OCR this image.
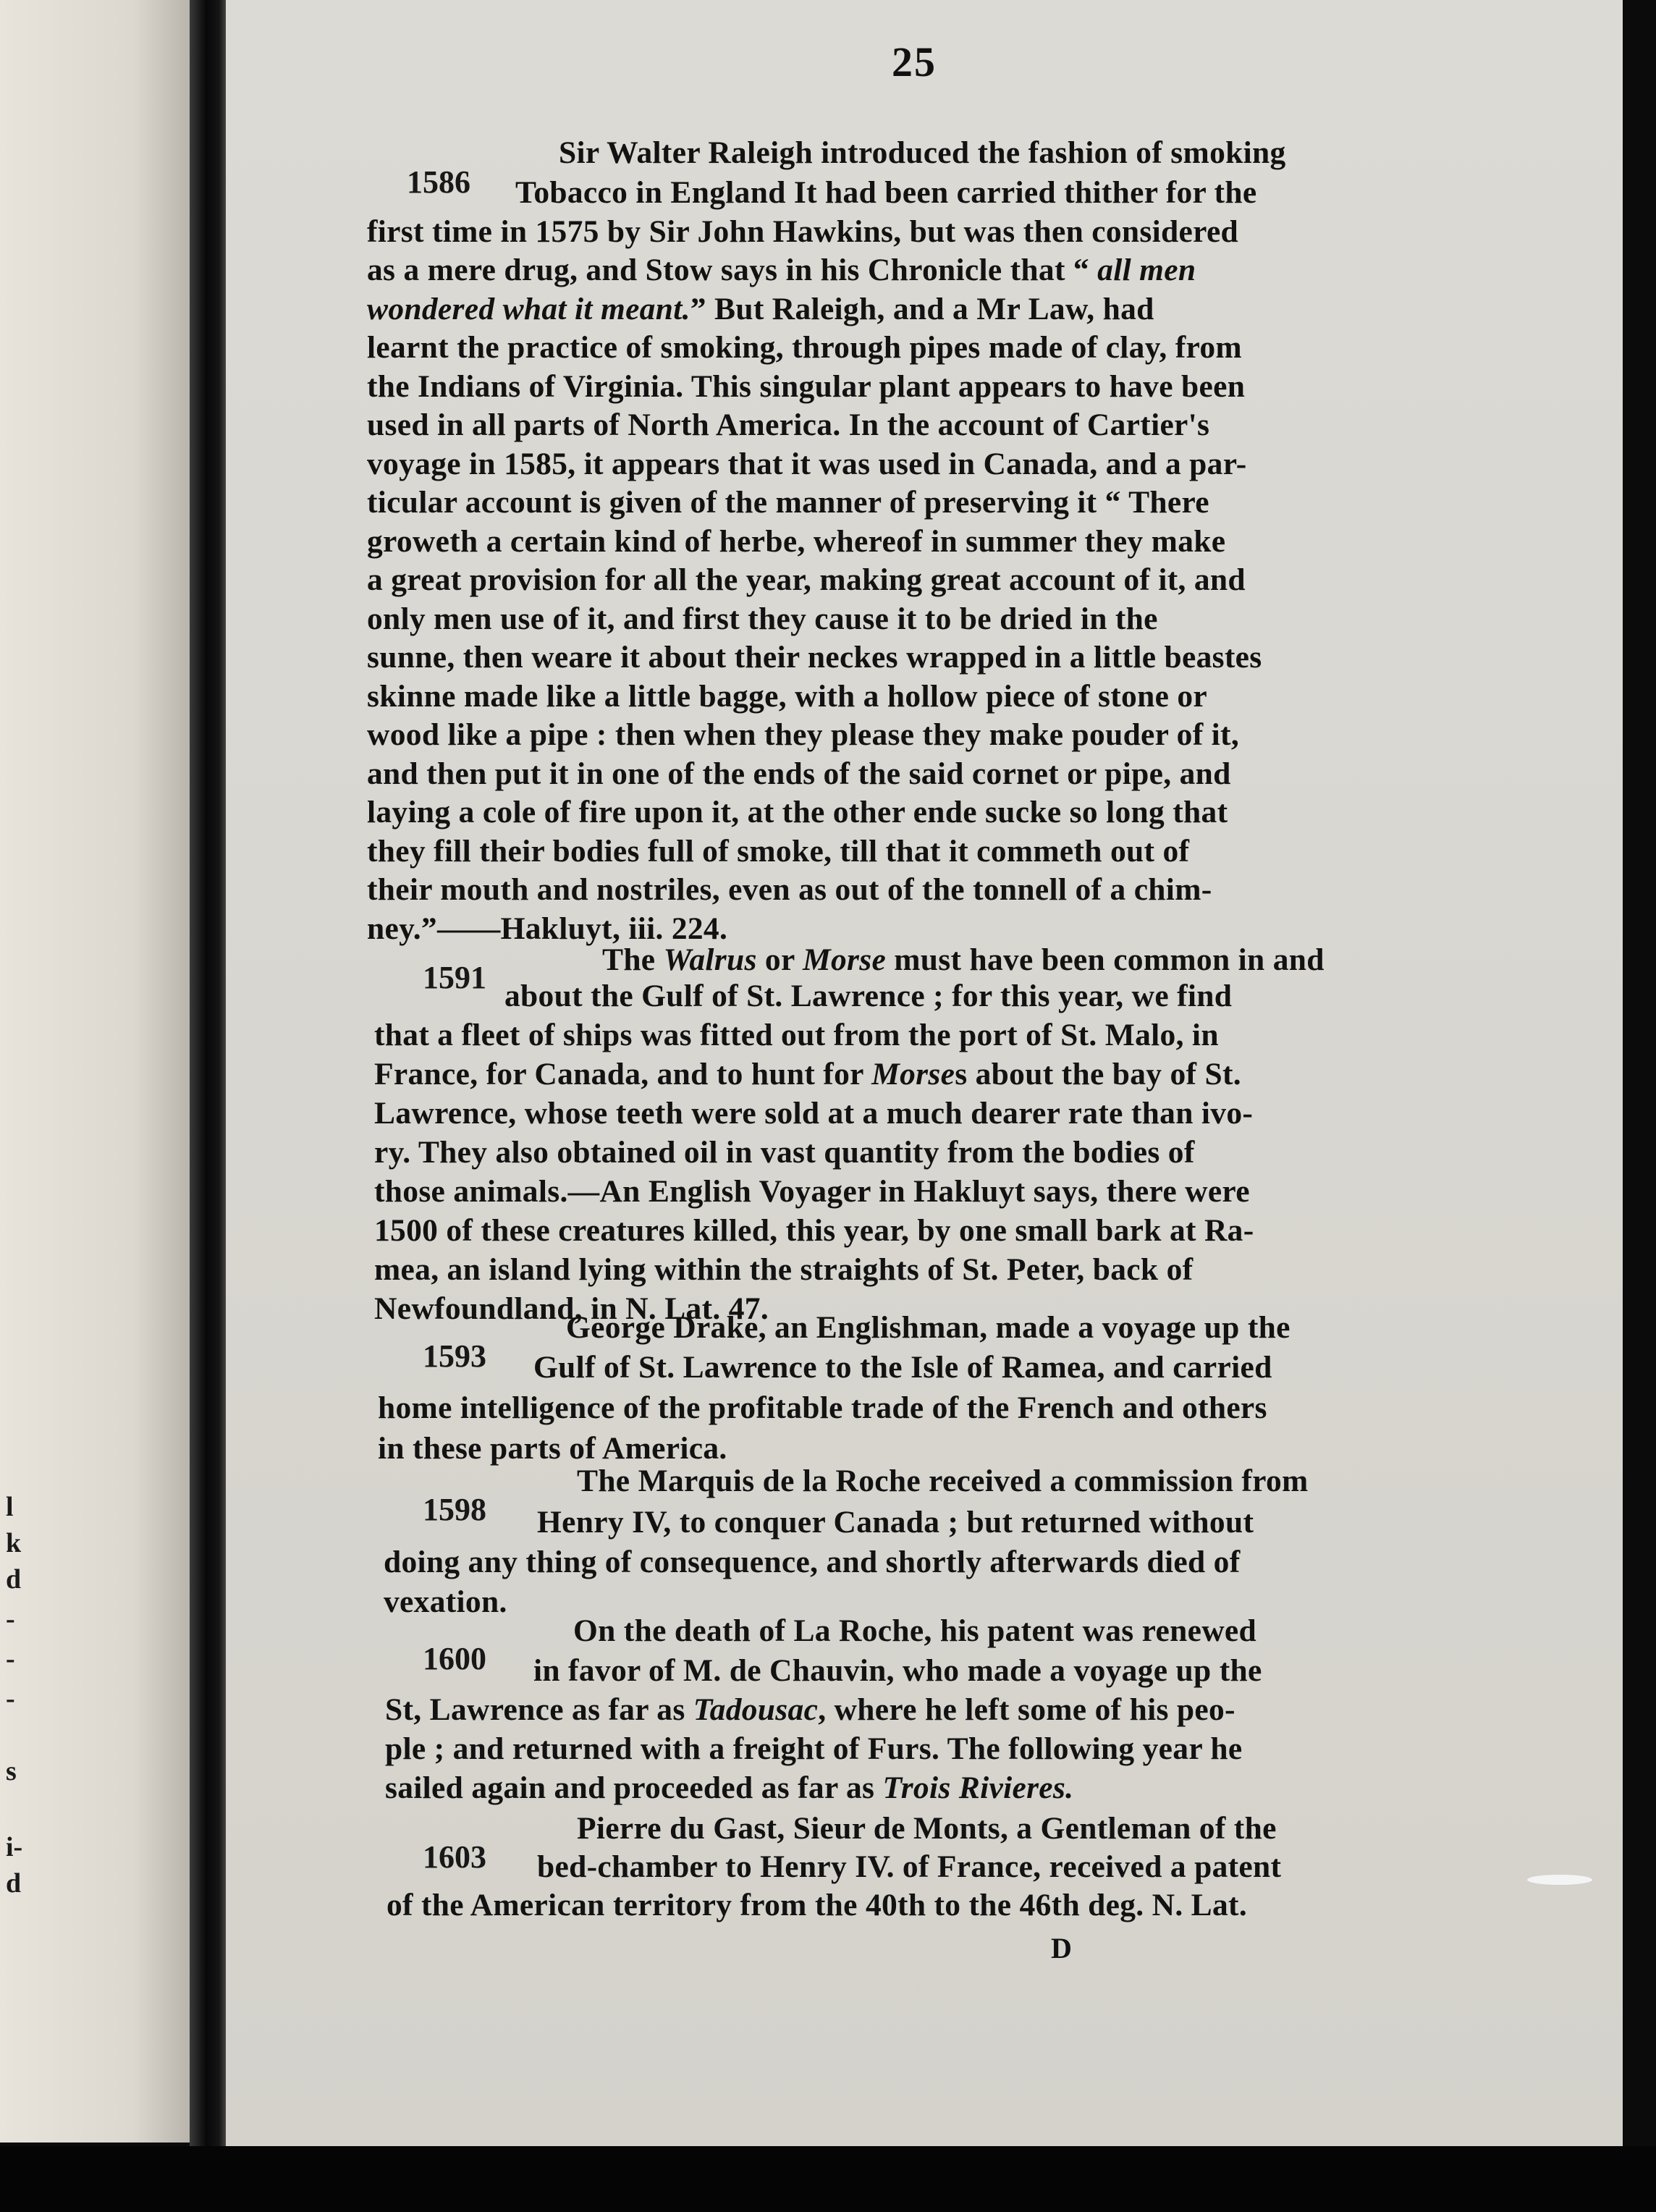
l
k
d
-
-
-
s
i-
d
25
1586
Sir Walter Raleigh introduced the fashion of smoking
Tobacco in England It had been carried thither for the
first time in 1575 by Sir John Hawkins, but was then considered
as a mere drug, and Stow says in his Chronicle that “ all men
wondered what it meant.” But Raleigh, and a Mr Law, had
learnt the practice of smoking, through pipes made of clay, from
the Indians of Virginia. This singular plant appears to have been
used in all parts of North America. In the account of Cartier's
voyage in 1585, it appears that it was used in Canada, and a par-
ticular account is given of the manner of preserving it “ There
groweth a certain kind of herbe, whereof in summer they make
a great provision for all the year, making great account of it, and
only men use of it, and first they cause it to be dried in the
sunne, then weare it about their neckes wrapped in a little beastes
skinne made like a little bagge, with a hollow piece of stone or
wood like a pipe : then when they please they make pouder of it,
and then put it in one of the ends of the said cornet or pipe, and
laying a cole of fire upon it, at the other ende sucke so long that
they fill their bodies full of smoke, till that it commeth out of
their mouth and nostriles, even as out of the tonnell of a chim-
ney.”——Hakluyt, iii. 224.
1591	The Walrus or Morse must have been common in and
about the Gulf of St. Lawrence ; for this year, we find
that a fleet of ships was fitted out from the port of St. Malo, in
France, for Canada, and to hunt for Morses about the bay of St.
Lawrence, whose teeth were sold at a much dearer rate than ivo-
ry. They also obtained oil in vast quantity from the bodies of
those animals.—An English Voyager in Hakluyt says, there were
1500 of these creatures killed, this year, by one small bark at Ra-
mea, an island lying within the straights of St. Peter, back of
Newfoundland, in N. Lat. 47.
1593
George Drake, an Englishman, made a voyage up the
Gulf of St. Lawrence to the Isle of Ramea, and carried
home intelligence of the profitable trade of the French and others
in these parts of America.
1598
The Marquis de la Roche received a commission from
Henry IV, to conquer Canada ; but returned without
doing any thing of consequence, and shortly afterwards died of
vexation.
1600
On the death of La Roche, his patent was renewed
in favor of M. de Chauvin, who made a voyage up the
St, Lawrence as far as Tadousac, where he left some of his peo-
ple ; and returned with a freight of Furs. The following year he
sailed again and proceeded as far as Trois Rivieres.
1603
Pierre du Gast, Sieur de Monts, a Gentleman of the
bed-chamber to Henry IV. of France, received a patent
of the American territory from the 40th to the 46th deg. N. Lat.
D
